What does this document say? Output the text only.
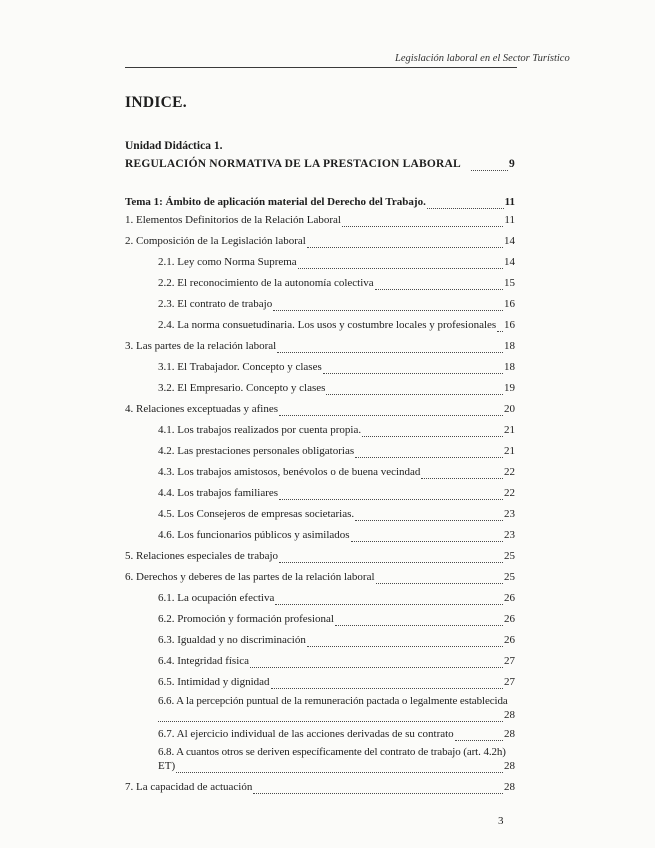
Legislación laboral en el Sector Turístico
INDICE.
Unidad Didáctica 1.
REGULACIÓN NORMATIVA DE LA PRESTACION LABORAL	9
Tema 1: Ámbito de aplicación material del Derecho del Trabajo.	11
1. Elementos Definitorios de la Relación Laboral	11
2. Composición de la Legislación laboral	14
2.1. Ley como Norma Suprema	14
2.2. El reconocimiento de la autonomía colectiva	15
2.3. El contrato de trabajo	16
2.4. La norma consuetudinaria. Los usos y costumbre locales y profesionales 16
3. Las partes de la relación laboral	18
3.1. El Trabajador. Concepto y clases	18
3.2. El Empresario. Concepto y clases	19
4. Relaciones exceptuadas y afines	20
4.1. Los trabajos realizados por cuenta propia.	21
4.2. Las prestaciones personales obligatorias	21
4.3. Los trabajos amistosos, benévolos o de buena vecindad	22
4.4. Los trabajos familiares	22
4.5. Los Consejeros de empresas societarias.	23
4.6. Los funcionarios públicos y asimilados	23
5. Relaciones especiales de trabajo	25
6. Derechos y deberes de las partes de la relación laboral	25
6.1. La ocupación efectiva	26
6.2. Promoción y formación profesional	26
6.3. Igualdad y no discriminación	26
6.4. Integridad física	27
6.5. Intimidad y dignidad	27
6.6. A la percepción puntual de la remuneración pactada o legalmente establecida
28
6.7. Al ejercicio individual de las acciones derivadas de su contrato	28
6.8. A cuantos otros se deriven específicamente del contrato de trabajo (art. 4.2h)
ET)	28
7. La capacidad de actuación	28
3
